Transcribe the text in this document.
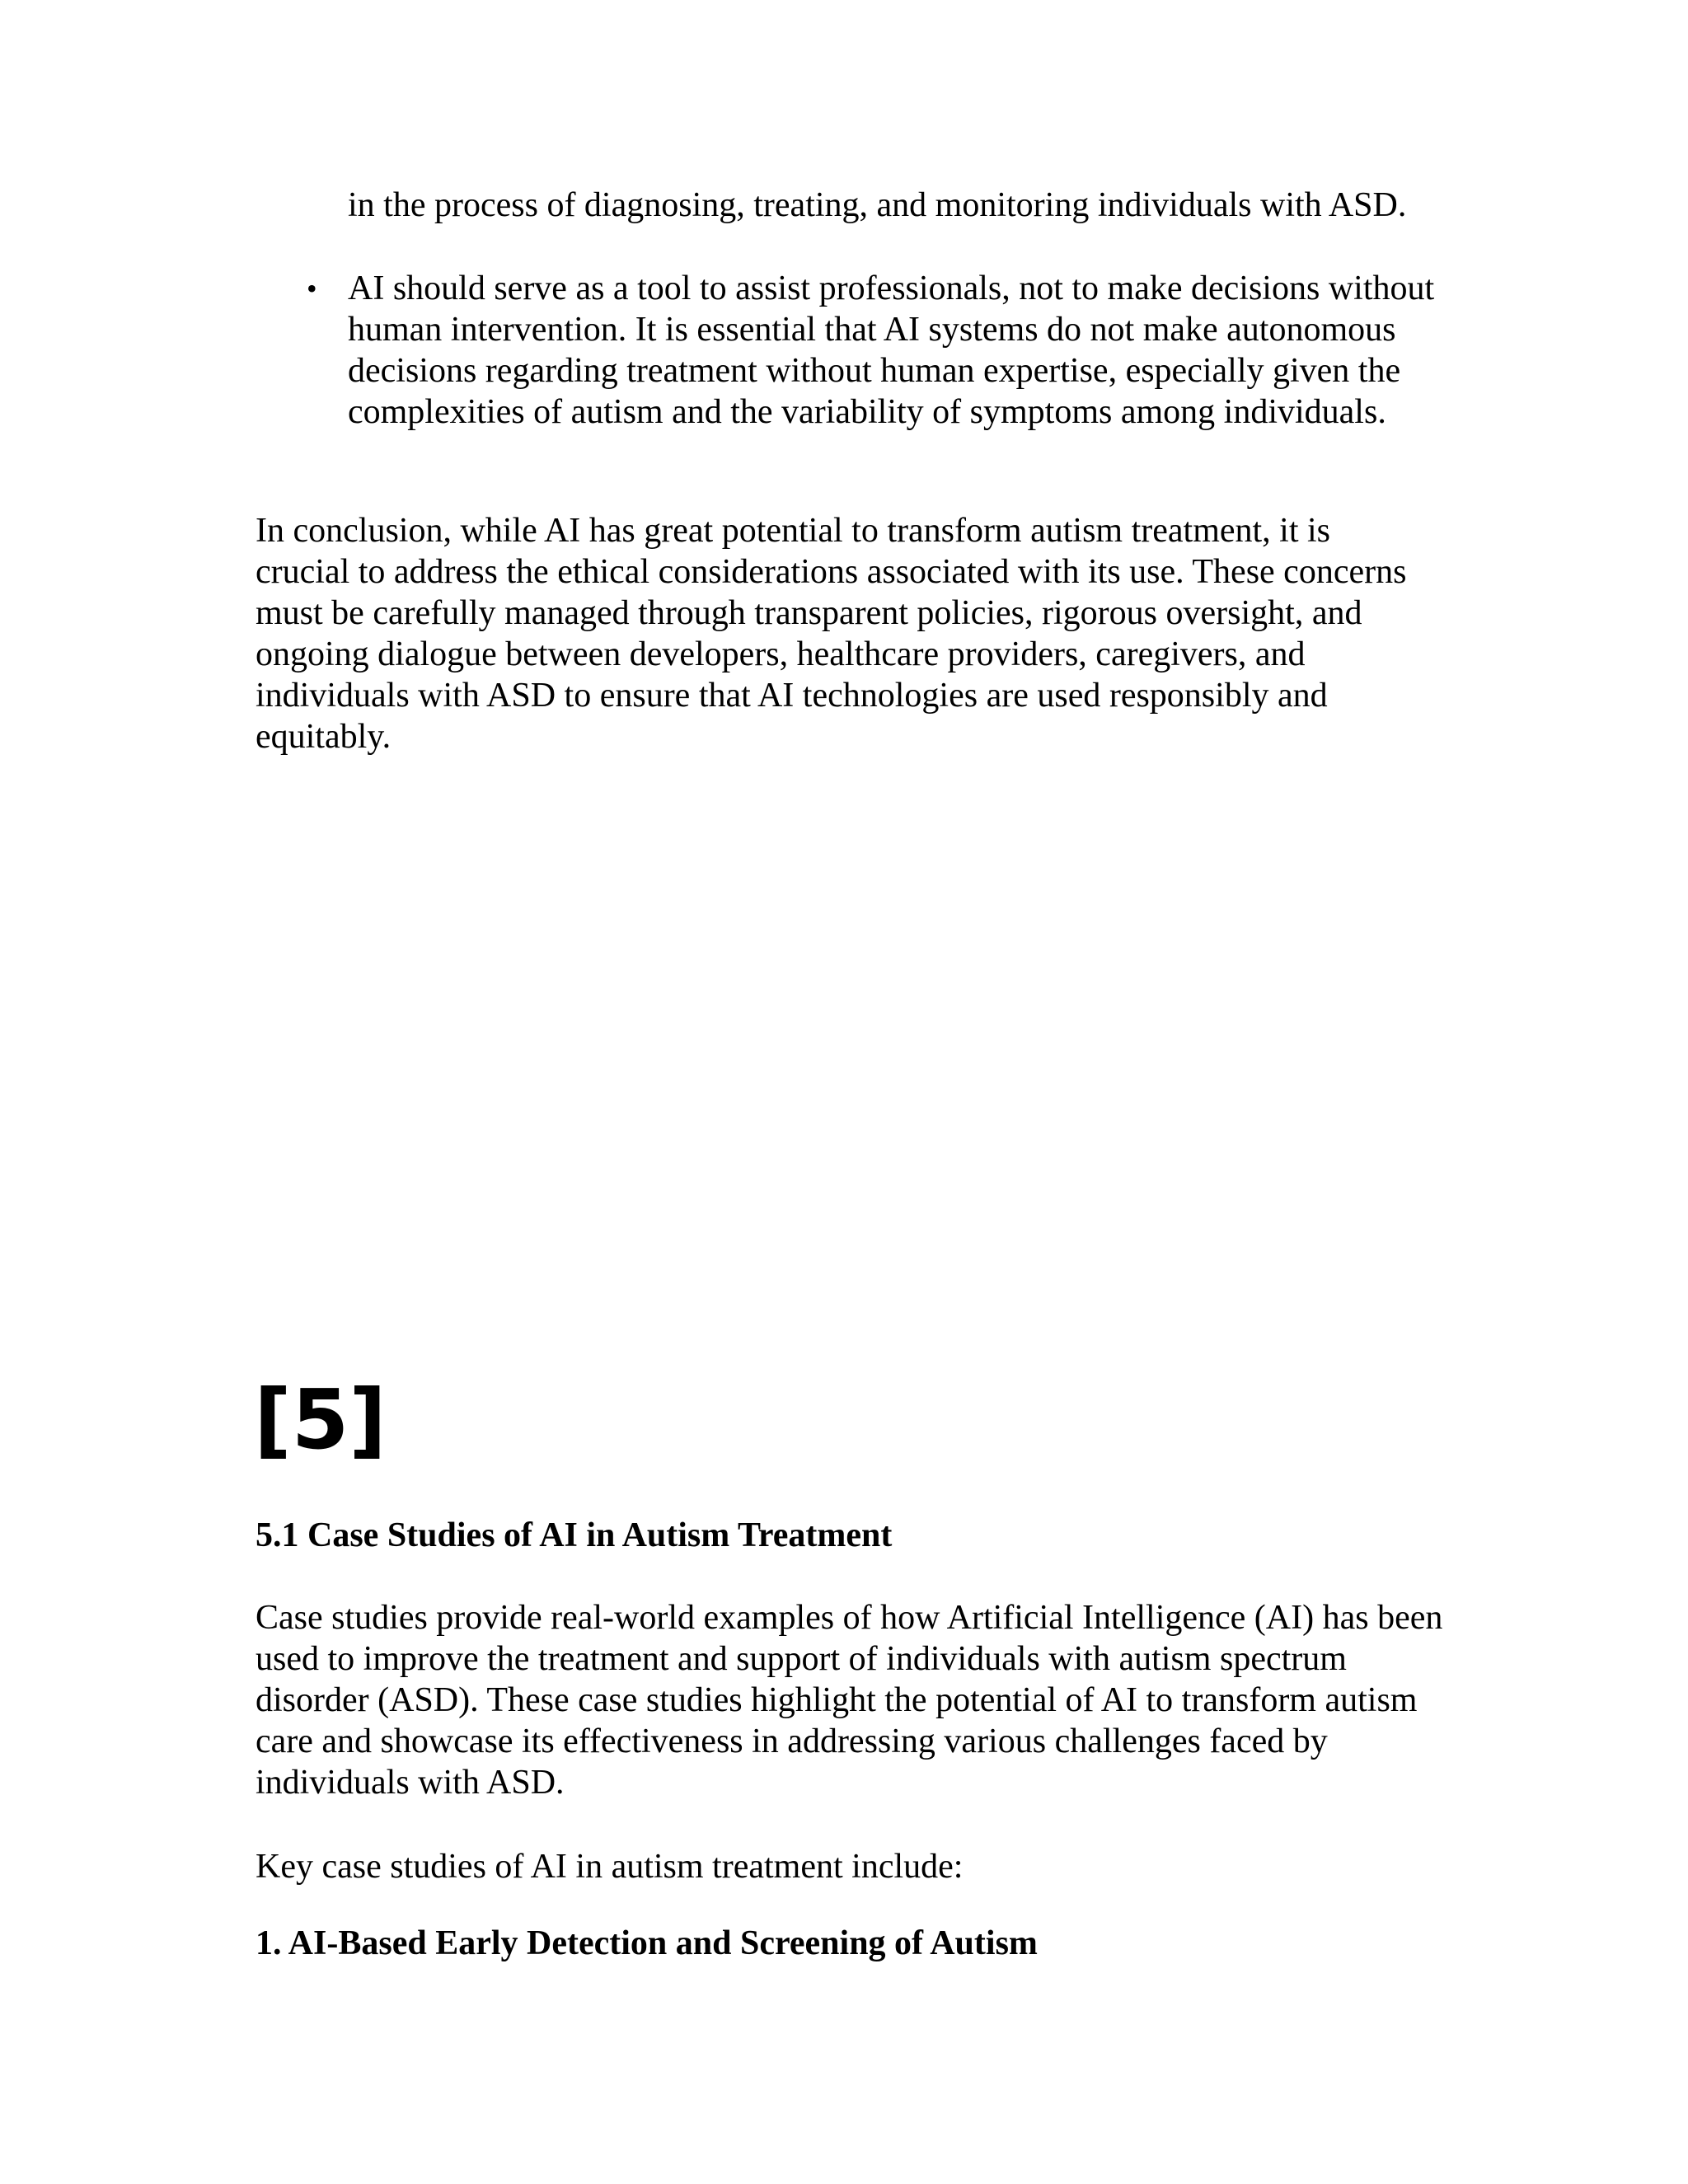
in the process of diagnosing, treating, and monitoring individuals with ASD.

• AI should serve as a tool to assist professionals, not to make decisions without human intervention. It is essential that AI systems do not make autonomous decisions regarding treatment without human expertise, especially given the complexities of autism and the variability of symptoms among individuals.

In conclusion, while AI has great potential to transform autism treatment, it is crucial to address the ethical considerations associated with its use. These concerns must be carefully managed through transparent policies, rigorous oversight, and ongoing dialogue between developers, healthcare providers, caregivers, and individuals with ASD to ensure that AI technologies are used responsibly and equitably.

[5]

5.1 Case Studies of AI in Autism Treatment

Case studies provide real-world examples of how Artificial Intelligence (AI) has been used to improve the treatment and support of individuals with autism spectrum disorder (ASD). These case studies highlight the potential of AI to transform autism care and showcase its effectiveness in addressing various challenges faced by individuals with ASD.

Key case studies of AI in autism treatment include:

1. AI-Based Early Detection and Screening of Autism
